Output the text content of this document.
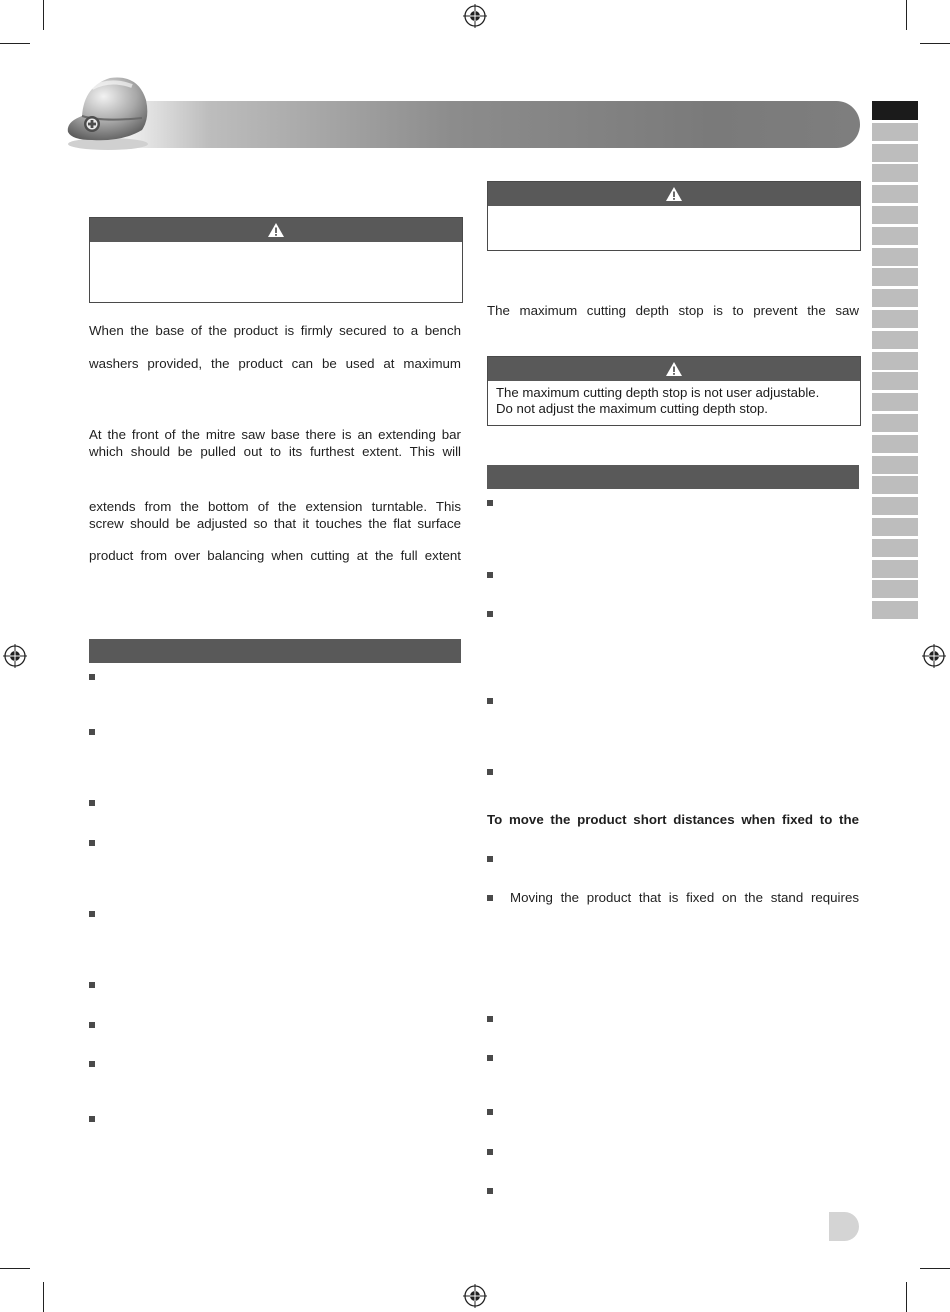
When the base of the product is firmly secured to a bench
washers provided, the product can be used at maximum
At the front of the mitre saw base there is an extending bar
which should be pulled out to its furthest extent. This will
extends from the bottom of the extension turntable. This
screw should be adjusted so that it touches the flat surface
product from over balancing when cutting at the full extent
The maximum cutting depth stop is to prevent the saw
The maximum cutting depth stop is not user adjustable.
Do not adjust the maximum cutting depth stop.
To move the product short distances when fixed to the
Moving the product that is fixed on the stand requires
